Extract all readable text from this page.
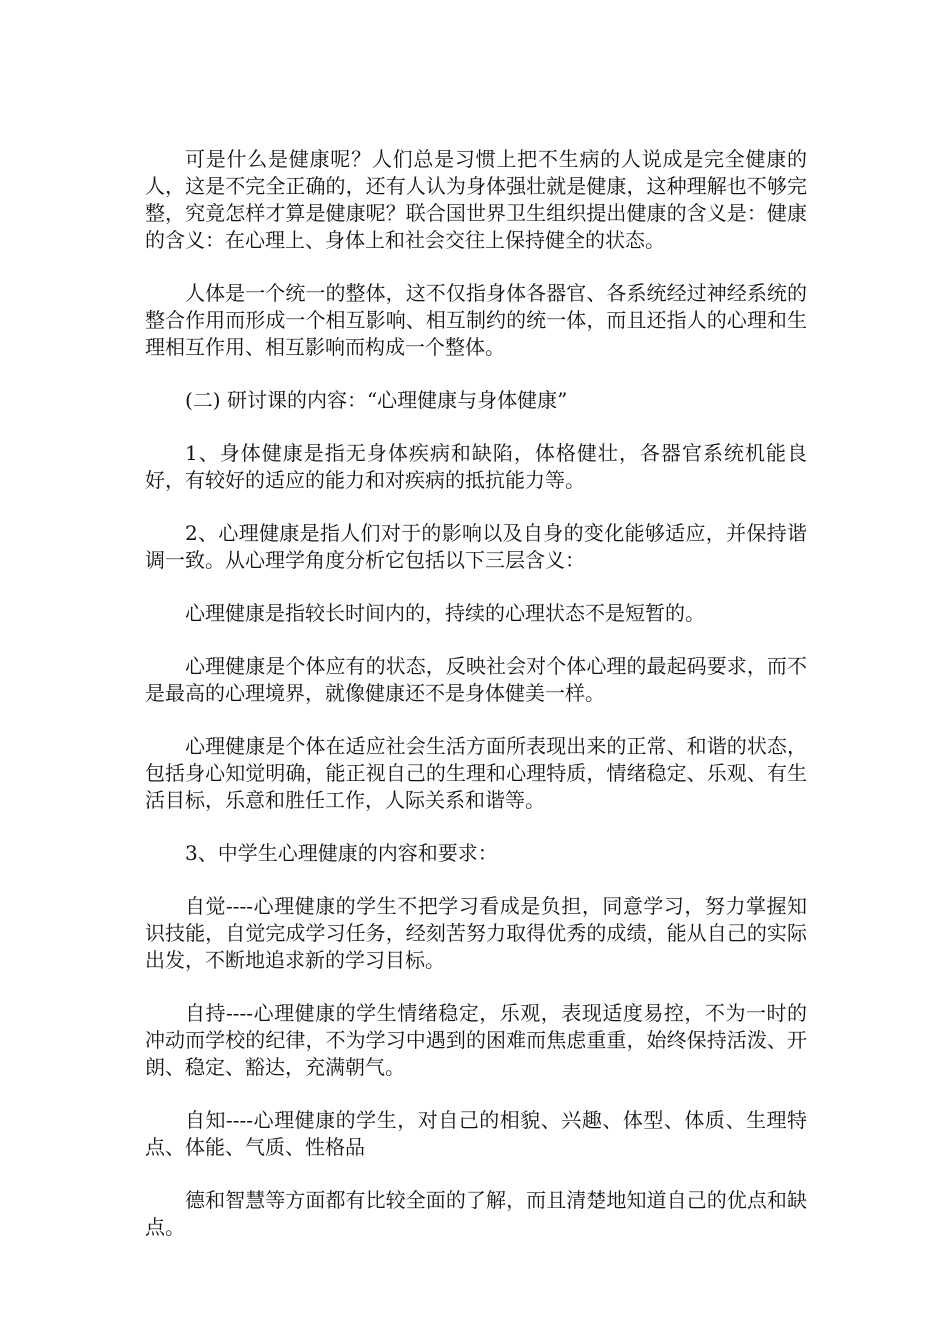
可是什么是健康呢？人们总是习惯上把不生病的人说成是完全健康的人，这是不完全正确的，还有人认为身体强壮就是健康，这种理解也不够完整，究竟怎样才算是健康呢？联合国世界卫生组织提出健康的含义是：健康的含义：在心理上、身体上和社会交往上保持健全的状态。

人体是一个统一的整体，这不仅指身体各器官、各系统经过神经系统的整合作用而形成一个相互影响、相互制约的统一体，而且还指人的心理和生理相互作用、相互影响而构成一个整体。

(二) 研讨课的内容：“心理健康与身体健康”

1、身体健康是指无身体疾病和缺陷，体格健壮，各器官系统机能良好，有较好的适应的能力和对疾病的抵抗能力等。

2、心理健康是指人们对于的影响以及自身的变化能够适应，并保持谐调一致。从心理学角度分析它包括以下三层含义：

心理健康是指较长时间内的，持续的心理状态不是短暂的。

心理健康是个体应有的状态，反映社会对个体心理的最起码要求，而不是最高的心理境界，就像健康还不是身体健美一样。

心理健康是个体在适应社会生活方面所表现出来的正常、和谐的状态，包括身心知觉明确，能正视自己的生理和心理特质，情绪稳定、乐观、有生活目标，乐意和胜任工作，人际关系和谐等。

3、中学生心理健康的内容和要求：

自觉----心理健康的学生不把学习看成是负担，同意学习，努力掌握知识技能，自觉完成学习任务，经刻苦努力取得优秀的成绩，能从自己的实际出发，不断地追求新的学习目标。

自持----心理健康的学生情绪稳定，乐观，表现适度易控，不为一时的冲动而学校的纪律，不为学习中遇到的困难而焦虑重重，始终保持活泼、开朗、稳定、豁达，充满朝气。

自知----心理健康的学生，对自己的相貌、兴趣、体型、体质、生理特点、体能、气质、性格品

德和智慧等方面都有比较全面的了解，而且清楚地知道自己的优点和缺点。
